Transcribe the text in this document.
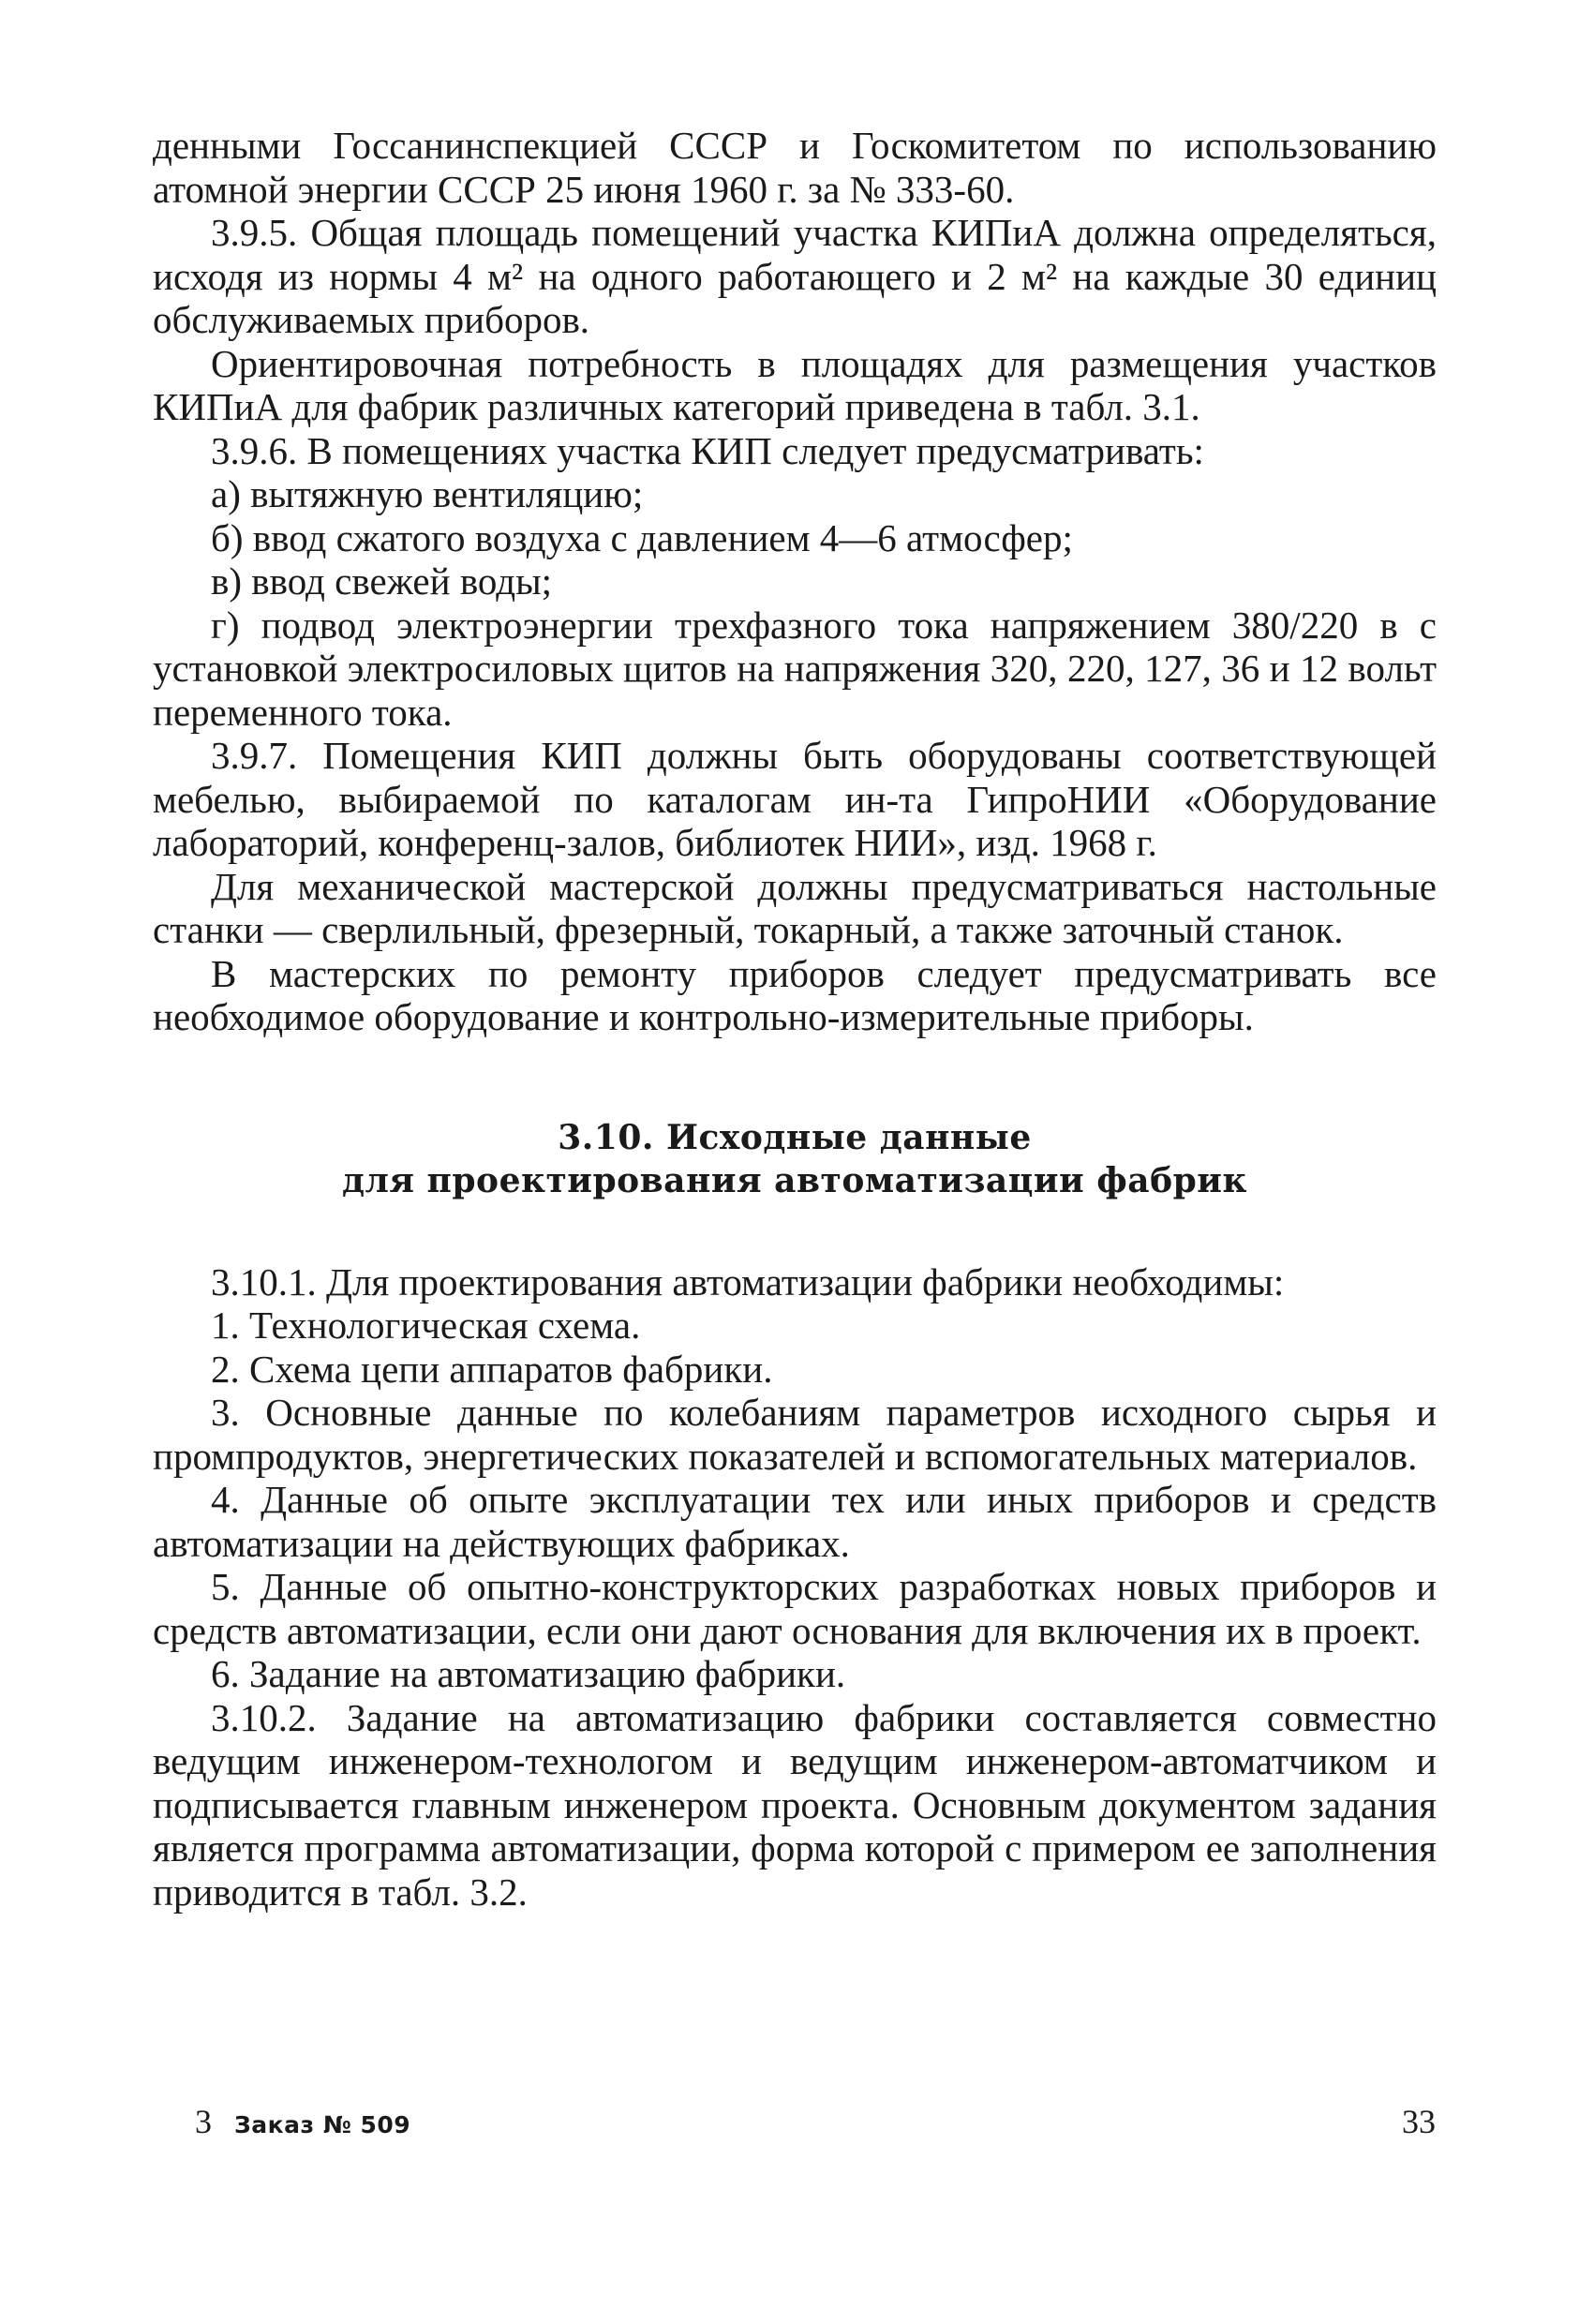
денными Госсанинспекцией СССР и Госкомитетом по использованию атомной энергии СССР 25 июня 1960 г. за № 333-60.

3.9.5. Общая площадь помещений участка КИПиА должна определяться, исходя из нормы 4 м² на одного работающего и 2 м² на каждые 30 единиц обслуживаемых приборов.

Ориентировочная потребность в площадях для размещения участков КИПиА для фабрик различных категорий приведена в табл. 3.1.

3.9.6. В помещениях участка КИП следует предусматривать:

а) вытяжную вентиляцию;

б) ввод сжатого воздуха с давлением 4—6 атмосфер;

в) ввод свежей воды;

г) подвод электроэнергии трехфазного тока напряжением 380/220 в с установкой электросиловых щитов на напряжения 320, 220, 127, 36 и 12 вольт переменного тока.

3.9.7. Помещения КИП должны быть оборудованы соответствующей мебелью, выбираемой по каталогам ин-та ГипроНИИ «Оборудование лабораторий, конференц-залов, библиотек НИИ», изд. 1968 г.

Для механической мастерской должны предусматриваться настольные станки — сверлильный, фрезерный, токарный, а также заточный станок.

В мастерских по ремонту приборов следует предусматривать все необходимое оборудование и контрольно-измерительные приборы.

3.10. Исходные данные
для проектирования автоматизации фабрик

3.10.1. Для проектирования автоматизации фабрики необходимы:

1. Технологическая схема.

2. Схема цепи аппаратов фабрики.

3. Основные данные по колебаниям параметров исходного сырья и промпродуктов, энергетических показателей и вспомогательных материалов.

4. Данные об опыте эксплуатации тех или иных приборов и средств автоматизации на действующих фабриках.

5. Данные об опытно-конструкторских разработках новых приборов и средств автоматизации, если они дают основания для включения их в проект.

6. Задание на автоматизацию фабрики.

3.10.2. Задание на автоматизацию фабрики составляется совместно ведущим инженером-технологом и ведущим инженером-автоматчиком и подписывается главным инженером проекта. Основным документом задания является программа автоматизации, форма которой с примером ее заполнения приводится в табл. 3.2.

3 Заказ № 509	33
